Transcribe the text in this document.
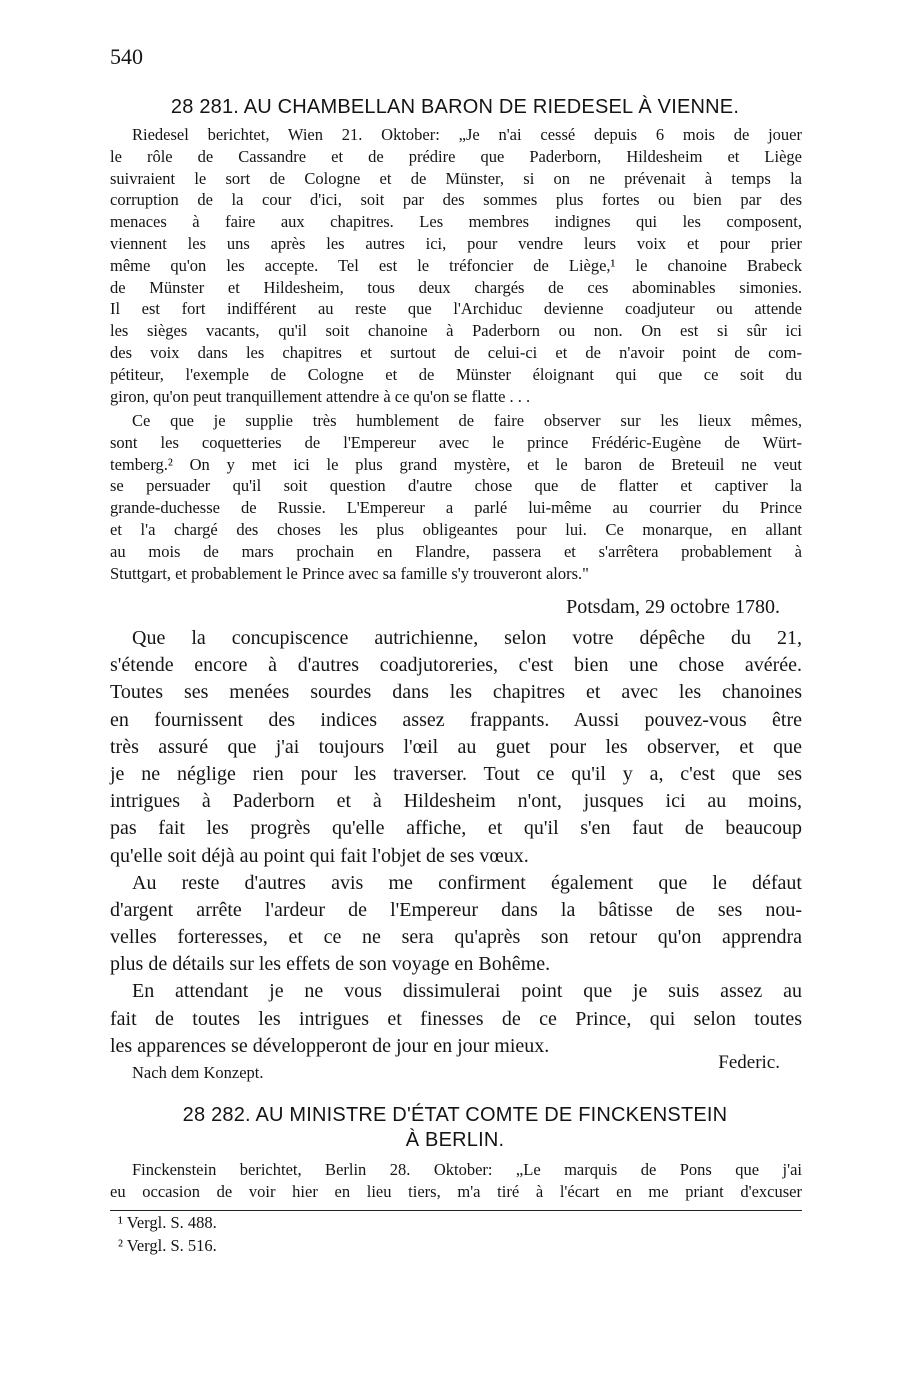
540
28 281. AU CHAMBELLAN BARON DE RIEDESEL À VIENNE.
Riedesel berichtet, Wien 21. Oktober: „Je n'ai cessé depuis 6 mois de jouer
le rôle de Cassandre et de prédire que Paderborn, Hildesheim et Liège
suivraient le sort de Cologne et de Münster, si on ne prévenait à temps la
corruption de la cour d'ici, soit par des sommes plus fortes ou bien par des
menaces à faire aux chapitres. Les membres indignes qui les composent,
viennent les uns après les autres ici, pour vendre leurs voix et pour prier
même qu'on les accepte. Tel est le tréfoncier de Liège,¹ le chanoine Brabeck
de Münster et Hildesheim, tous deux chargés de ces abominables simonies.
Il est fort indifférent au reste que l'Archiduc devienne coadjuteur ou attende
les sièges vacants, qu'il soit chanoine à Paderborn ou non. On est si sûr ici
des voix dans les chapitres et surtout de celui-ci et de n'avoir point de com-
pétiteur, l'exemple de Cologne et de Münster éloignant qui que ce soit du
giron, qu'on peut tranquillement attendre à ce qu'on se flatte . . .
Ce que je supplie très humblement de faire observer sur les lieux mêmes,
sont les coquetteries de l'Empereur avec le prince Frédéric-Eugène de Würt-
temberg.² On y met ici le plus grand mystère, et le baron de Breteuil ne veut
se persuader qu'il soit question d'autre chose que de flatter et captiver la
grande-duchesse de Russie. L'Empereur a parlé lui-même au courrier du Prince
et l'a chargé des choses les plus obligeantes pour lui. Ce monarque, en allant
au mois de mars prochain en Flandre, passera et s'arrêtera probablement à
Stuttgart, et probablement le Prince avec sa famille s'y trouveront alors."
Potsdam, 29 octobre 1780.
Que la concupiscence autrichienne, selon votre dépêche du 21,
s'étende encore à d'autres coadjutoreries, c'est bien une chose avérée.
Toutes ses menées sourdes dans les chapitres et avec les chanoines
en fournissent des indices assez frappants. Aussi pouvez-vous être
très assuré que j'ai toujours l'œil au guet pour les observer, et que
je ne néglige rien pour les traverser. Tout ce qu'il y a, c'est que ses
intrigues à Paderborn et à Hildesheim n'ont, jusques ici au moins,
pas fait les progrès qu'elle affiche, et qu'il s'en faut de beaucoup
qu'elle soit déjà au point qui fait l'objet de ses vœux.
Au reste d'autres avis me confirment également que le défaut
d'argent arrête l'ardeur de l'Empereur dans la bâtisse de ses nou-
velles forteresses, et ce ne sera qu'après son retour qu'on apprendra
plus de détails sur les effets de son voyage en Bohême.
En attendant je ne vous dissimulerai point que je suis assez au
fait de toutes les intrigues et finesses de ce Prince, qui selon toutes
les apparences se développeront de jour en jour mieux.
Federic.
Nach dem Konzept.
28 282. AU MINISTRE D'ÉTAT COMTE DE FINCKENSTEIN
À BERLIN.
Finckenstein berichtet, Berlin 28. Oktober: „Le marquis de Pons que j'ai
eu occasion de voir hier en lieu tiers, m'a tiré à l'écart en me priant d'excuser
¹ Vergl. S. 488.
² Vergl. S. 516.
